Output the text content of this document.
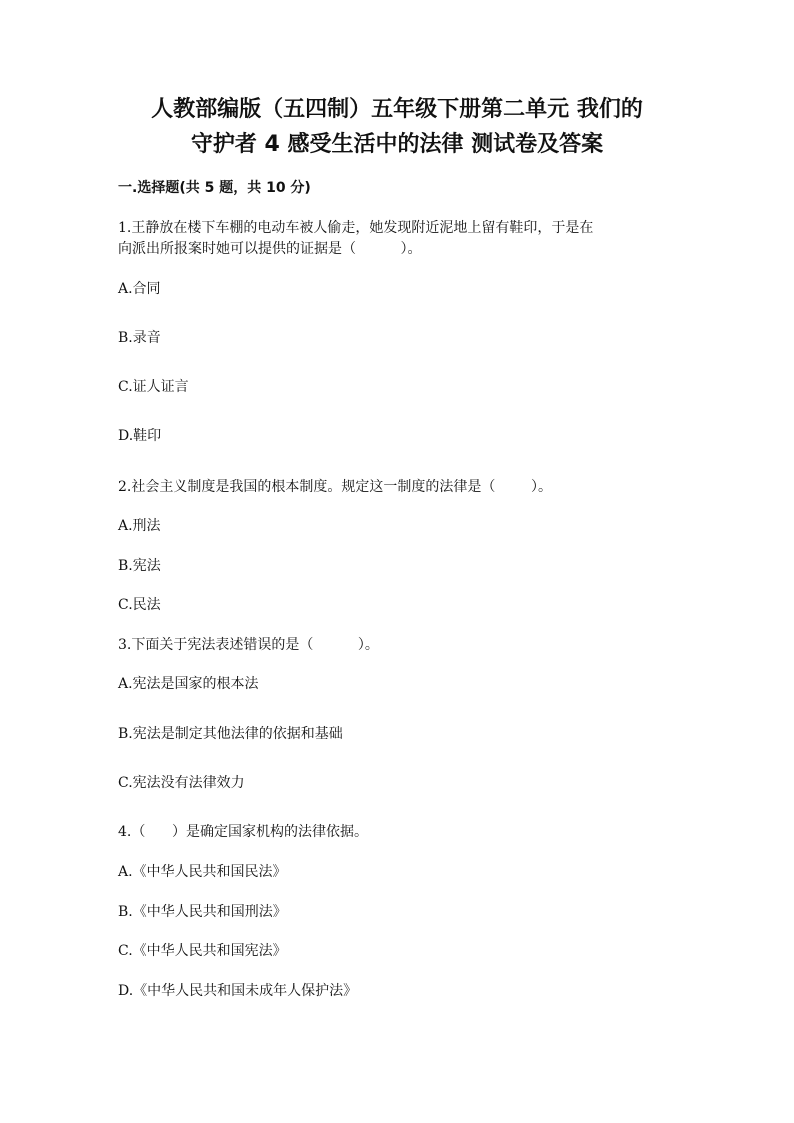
人教部编版（五四制）五年级下册第二单元 我们的
守护者 4 感受生活中的法律 测试卷及答案
一.选择题(共 5 题，共 10 分)
1.王静放在楼下车棚的电动车被人偷走，她发现附近泥地上留有鞋印，于是在
向派出所报案时她可以提供的证据是（          ）。
A.合同
B.录音
C.证人证言
D.鞋印
2.社会主义制度是我国的根本制度。规定这一制度的法律是（        ）。
A.刑法
B.宪法
C.民法
3.下面关于宪法表述错误的是（          ）。
A.宪法是国家的根本法
B.宪法是制定其他法律的依据和基础
C.宪法没有法律效力
4.（      ）是确定国家机构的法律依据。
A.《中华人民共和国民法》
B.《中华人民共和国刑法》
C.《中华人民共和国宪法》
D.《中华人民共和国未成年人保护法》
